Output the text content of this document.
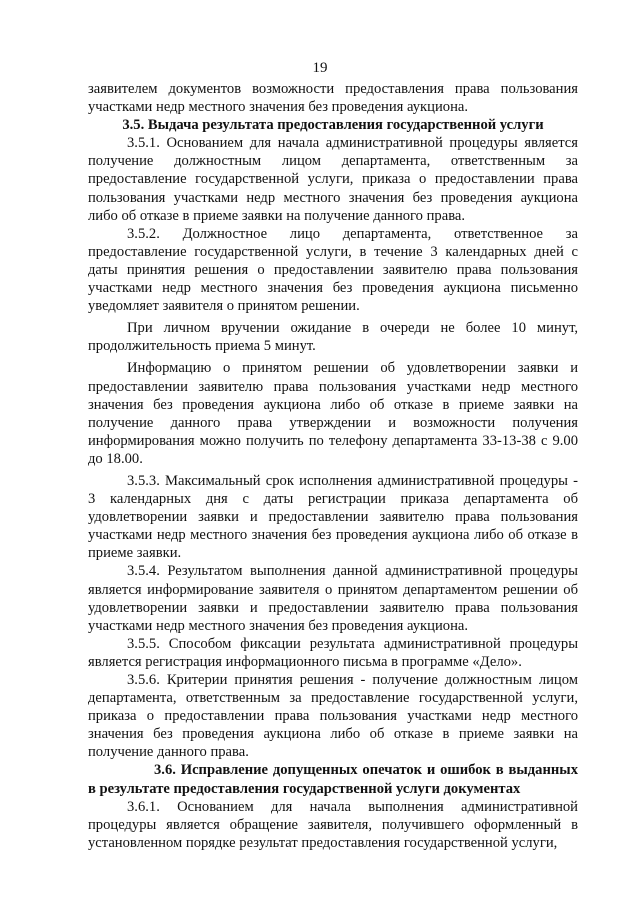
19

заявителем документов возможности предоставления права пользования участками недр местного значения без проведения аукциона.

3.5. Выдача результата предоставления государственной услуги

3.5.1. Основанием для начала административной процедуры является получение должностным лицом департамента, ответственным за предоставление государственной услуги, приказа о предоставлении права пользования участками недр местного значения без проведения аукциона либо об отказе в приеме заявки на получение данного права.

3.5.2. Должностное лицо департамента, ответственное за предоставление государственной услуги, в течение 3 календарных дней с даты принятия решения о предоставлении заявителю права пользования участками недр местного значения без проведения аукциона письменно уведомляет заявителя о принятом решении.

При личном вручении ожидание в очереди не более 10 минут, продолжительность приема 5 минут.

Информацию о принятом решении об удовлетворении заявки и предоставлении заявителю права пользования участками недр местного значения без проведения аукциона либо об отказе в приеме заявки на получение данного права утверждении и возможности получения информирования можно получить по телефону департамента 33-13-38 с 9.00 до 18.00.

3.5.3. Максимальный срок исполнения административной процедуры - 3 календарных дня с даты регистрации приказа департамента об удовлетворении заявки и предоставлении заявителю права пользования участками недр местного значения без проведения аукциона либо об отказе в приеме заявки.

3.5.4. Результатом выполнения данной административной процедуры является информирование заявителя о принятом департаментом решении об удовлетворении заявки и предоставлении заявителю права пользования участками недр местного значения без проведения аукциона.

3.5.5. Способом фиксации результата административной процедуры является регистрация информационного письма в программе «Дело».

3.5.6. Критерии принятия решения - получение должностным лицом департамента, ответственным за предоставление государственной услуги, приказа о предоставлении права пользования участками недр местного значения без проведения аукциона либо об отказе в приеме заявки на получение данного права.

3.6. Исправление допущенных опечаток и ошибок в выданных в результате предоставления государственной услуги документах

3.6.1. Основанием для начала выполнения административной процедуры является обращение заявителя, получившего оформленный в установленном порядке результат предоставления государственной услуги,
